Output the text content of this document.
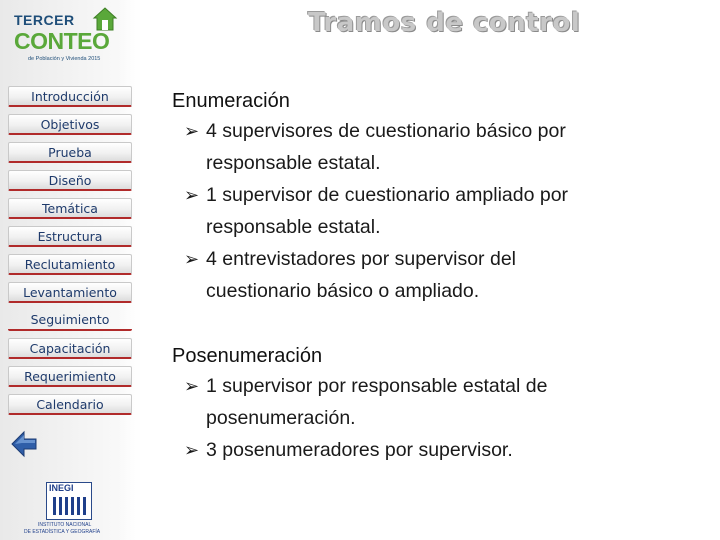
TERCER
CONTEO
de Población y Vivienda 2015
Introducción
Objetivos
Prueba
Diseño
Temática
Estructura
Reclutamiento
Levantamiento
Seguimiento
Capacitación
Requerimiento
Calendario
INEGI
INSTITUTO NACIONAL
DE ESTADÍSTICA Y GEOGRAFÍA
Tramos de control
Enumeración
➢ 4 supervisores de cuestionario básico por
responsable estatal.
➢ 1 supervisor de cuestionario ampliado por
responsable estatal.
➢ 4 entrevistadores por supervisor del
cuestionario básico o ampliado.
Posenumeración
➢ 1 supervisor por responsable estatal de
posenumeración.
➢ 3 posenumeradores por supervisor.
